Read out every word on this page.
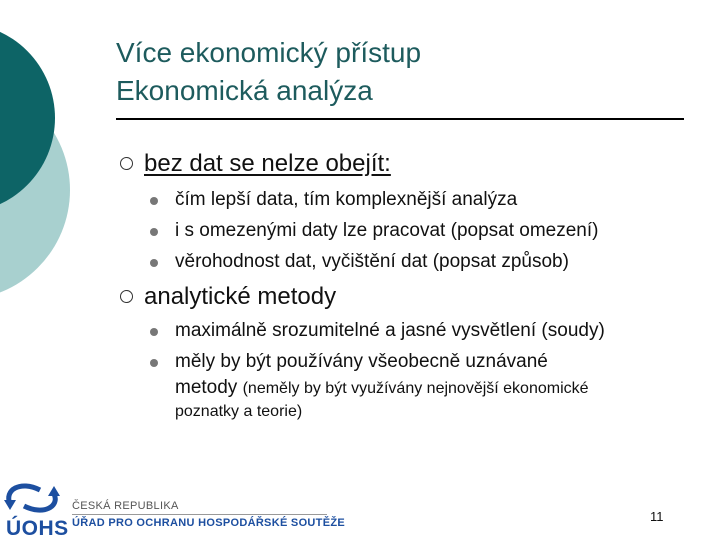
Více ekonomický přístup
Ekonomická analýza
bez dat se nelze obejít:
čím lepší data, tím komplexnější analýza
i s omezenými daty lze pracovat (popsat omezení)
věrohodnost dat, vyčištění dat (popsat způsob)
analytické metody
maximálně srozumitelné a jasné vysvětlení (soudy)
měly by být používány všeobecně uznávané
metody (neměly by být využívány nejnovější ekonomické
poznatky a teorie)
ÚOHS
ČESKÁ REPUBLIKA
ÚŘAD PRO OCHRANU HOSPODÁŘSKÉ SOUTĚŽE	11
